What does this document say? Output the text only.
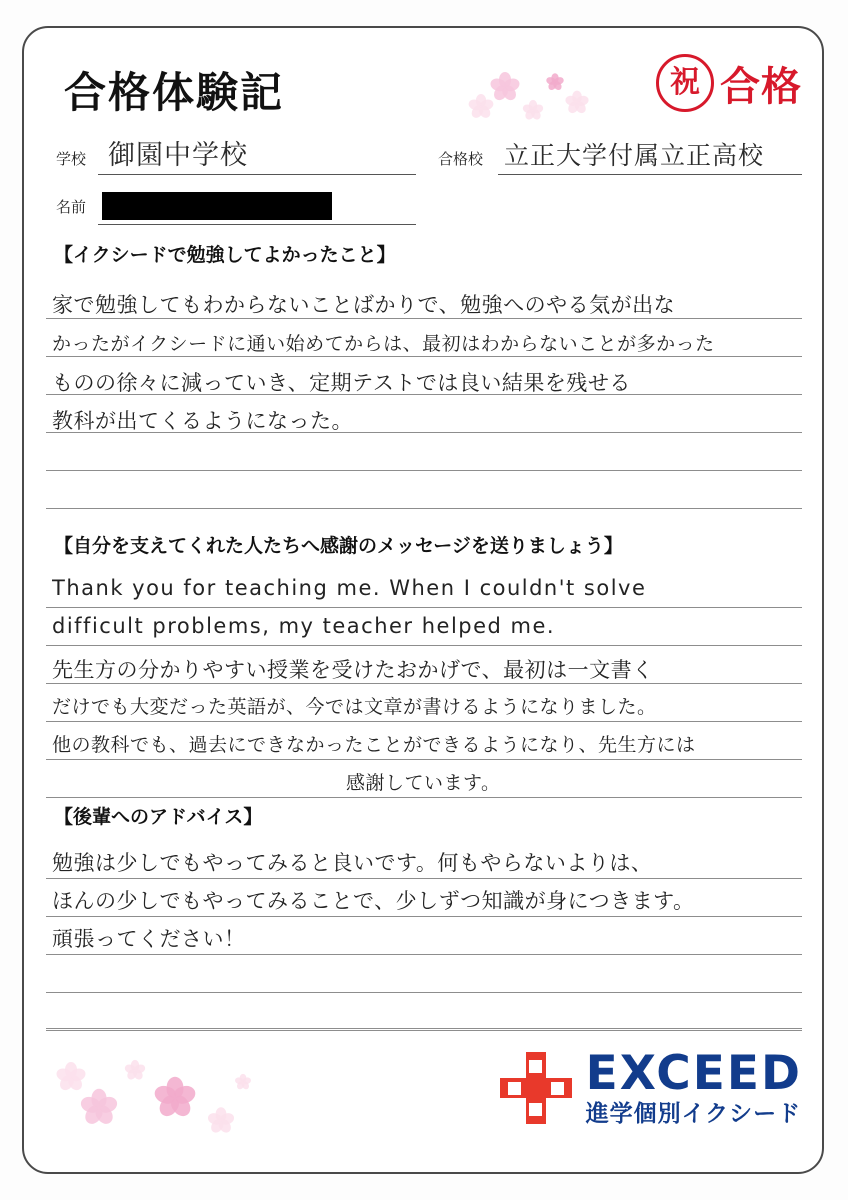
合格体験記	祝 合格
学校 御園中学校	合格校 立正大学付属立正高校
名前
【イクシードで勉強してよかったこと】
家で勉強してもわからないことばかりで、勉強へのやる気が出な
かったがイクシードに通い始めてからは、最初はわからないことが多かった
ものの徐々に減っていき、定期テストでは良い結果を残せる
教科が出てくるようになった。
【自分を支えてくれた人たちへ感謝のメッセージを送りましょう】
Thank you for teaching me. When I couldn't solve
difficult problems, my teacher helped me.
先生方の分かりやすい授業を受けたおかげで、最初は一文書く
だけでも大変だった英語が、今では文章が書けるようになりました。
他の教科でも、過去にできなかったことができるようになり、先生方には
感謝しています。
【後輩へのアドバイス】
勉強は少しでもやってみると良いです。何もやらないよりは、
ほんの少しでもやってみることで、少しずつ知識が身につきます。
頑張ってください！
EXCEED
進学個別イクシード
